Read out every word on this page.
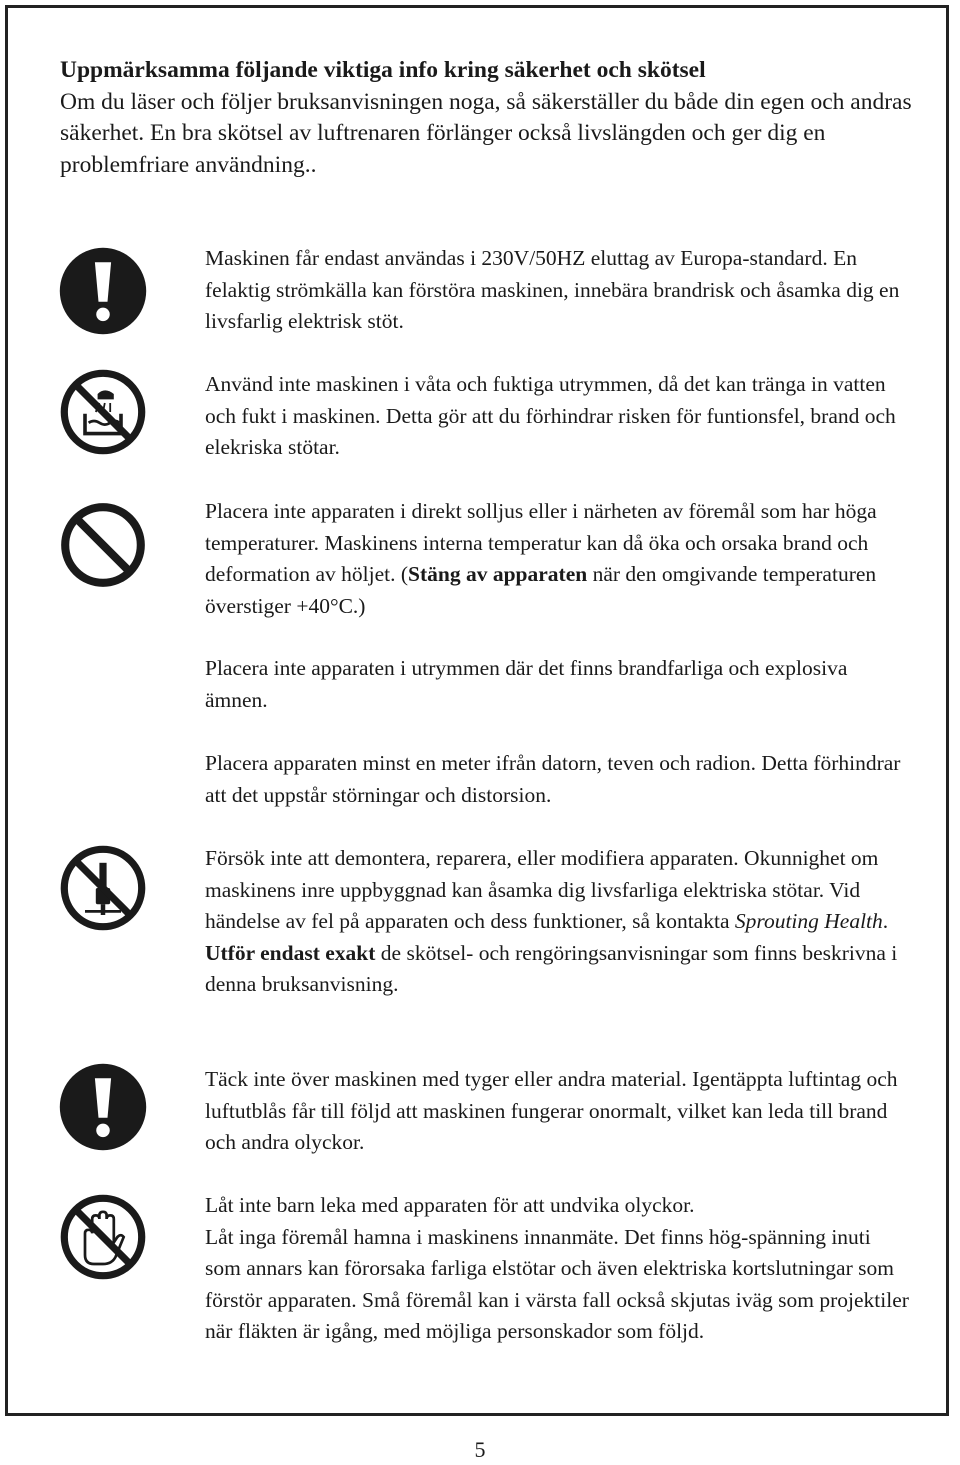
Uppmärksamma följande viktiga info kring säkerhet och skötsel
Om du läser och följer bruksanvisningen noga, så säkerställer du både din egen och andras säkerhet. En bra skötsel av luftrenaren förlänger också livslängden och ger dig en problemfriare användning..

Maskinen får endast användas i 230V/50HZ eluttag av Europa-standard. En felaktig strömkälla kan förstöra maskinen, innebära brandrisk och åsamka dig en livsfarlig elektrisk stöt.

Använd inte maskinen i våta och fuktiga utrymmen, då det kan tränga in vatten och fukt i maskinen. Detta gör att du förhindrar risken för funtionsfel, brand och elekriska stötar.

Placera inte apparaten i direkt solljus eller i närheten av föremål som har höga temperaturer. Maskinens interna temperatur kan då öka och orsaka brand och deformation av höljet. (Stäng av apparaten när den omgivande temperaturen överstiger +40°C.)

Placera inte apparaten i utrymmen där det finns brandfarliga och explosiva ämnen.

Placera apparaten minst en meter ifrån datorn, teven och radion. Detta förhindrar att det uppstår störningar och distorsion.

Försök inte att demontera, reparera, eller modifiera apparaten. Okunnighet om maskinens inre uppbyggnad kan åsamka dig livsfarliga elektriska stötar. Vid händelse av fel på apparaten och dess funktioner, så kontakta Sprouting Health.
Utför endast exakt de skötsel- och rengöringsanvisningar som finns beskrivna i denna bruksanvisning.

Täck inte över maskinen med tyger eller andra material. Igentäppta luftintag och luftutblås får till följd att maskinen fungerar onormalt, vilket kan leda till brand och andra olyckor.

Låt inte barn leka med apparaten för att undvika olyckor.
Låt inga föremål hamna i maskinens innanmäte. Det finns hög-spänning inuti som annars kan förorsaka farliga elstötar och även elektriska kortslutningar som förstör apparaten. Små föremål kan i värsta fall också skjutas iväg som projektiler när fläkten är igång, med möjliga personskador som följd.

5
